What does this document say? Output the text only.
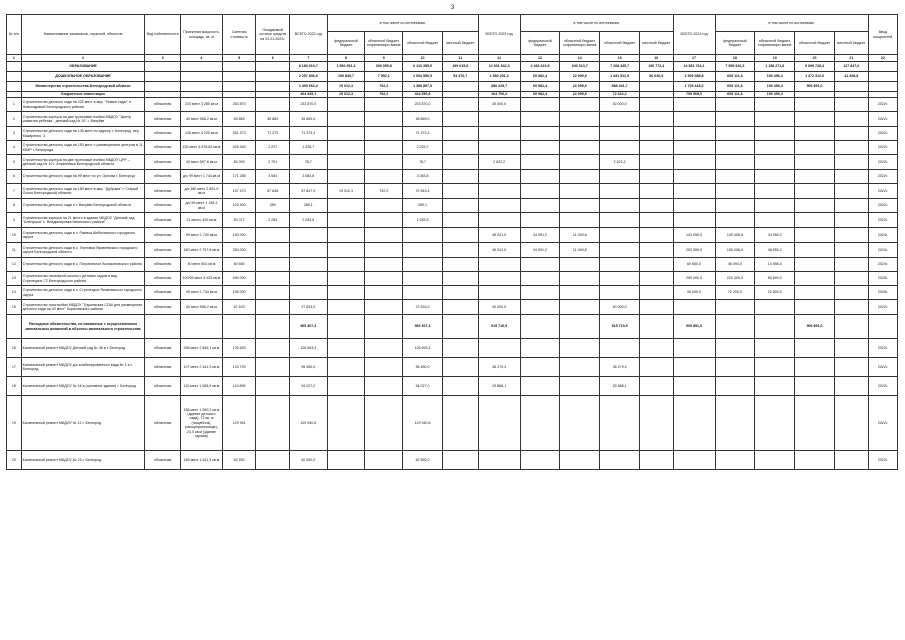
3
№ п/п	Наименование заказчиков, отраслей, объектов	Вид собственности	Проектная мощность, площадь, кв. м	Сметная стоимость	Ожидаемый остаток средств на 01.01.2022г.	ВСЕГО 2022 год	в том числе по источникам:				ВСЕГО 2023 год	в том числе по источникам:				ВСЕГО 2024 год	в том числе по источникам:				Ввод мощностей
							федеральный бюджет	областной бюджет, софинансиро-вание	областной бюджет	местный бюджет		федеральный бюджет	областной бюджет, софинансиро-вание	областной бюджет	местный бюджет		федеральный бюджет	областной бюджет, софинансиро-вание	областной бюджет	местный бюджет	
1	2	3	4	5	6	7	8	9	10	11	12	13	14	15	16	17	18	19	20	21	22
	ОБРАЗОВАНИЕ					8 180 010,7	1 560 991,3	309 055,8	6 110 355,9	199 615,8	10 301 542,3	2 266 610,5	630 013,7	7 208 345,7	196 772,4	14 581 764,1	7 595 916,3	1 158 271,8	5 699 728,4	127 847,6	
	ДОШКОЛЬНОЕ ОБРАЗОВАНИЕ					2 257 836,6	190 845,7	7 952,1	2 004 556,9	54 470,7	1 580 251,4	69 982,4	22 099,6	1 431 522,5	56 646,9	2 309 088,8	605 111,6	190 456,4	1 472 312,0	41 208,8	
	Министерство строительства Белгородской области					1 409 662,4	19 012,3	792,2	1 389 857,9		680 425,7	69 982,4	22 099,6	588 341,7		1 703 418,0	605 111,6	190 456,4	909 851,0		
	Бюджетные инвестиции					404 335,1	19 012,3	792,2	424 550,6		164 706,2	69 982,4	22 099,6	72 622,2		795 568,0	605 111,6	190 456,4			
1	Строительство детского сада на 220 мест в мкр. "Новые сады" п. Новосадовый Белгородского района	областная	220 мест 3 280 кв.м	263 870		233 870,0			233 870,0		30 000,0			30 000,0							2022г.
2	Строительство корпуса на две групповые ячейки МБДОУ "Центр развития ребенка - детский сад № 10" г. Валуйки	областная	40 мест 556,2 кв.м	55 869	45 869	45 869,0			45 869,0												2022г.
3	Строительство детского сада на 145 мест по адресу: г. Белгород, пер. Макаренко, 3	областная	145 мест 4 200 кв.м	351 373	71 373	71 373,4			71 373,4												2022г.
4	Строительство детского сада на 150 мест с размещением центром в 11 ЮМР г. Белгорода	областная	150 мест 5 678,83 кв.м	425 345	2 227	2 226,7			2 226,7												2022г.
5	Строительство корпуса на две групповые ячейки МБДОУ ЦРР – детский сад № 10 г. Алексеевка Белгородской области	областная	40 мест 597,6 кв.м	65 093	2 701	78,7			78,7		2 622,2			2 622,2							2022г.
6	Строительство детского сада на 99 мест по ул. Орлова г. Белгород	областная	д/с 99 мест 1 744 кв.м	171 285	3 084	3 083,8			3 083,8												2022г.
7	Строительство детского сада на 180 мест в мкр. "Дубрава" г. Старый Оскол Белгородской области	областная	д/с 180 мест 2 891,9 кв.м	157 473	57 648	57 647,9	19 012,3	792,2	37 843,4												2022г.
8	Строительство детского сада п.г. Валуйки Белгородской области	областная	д/с 99 мест 1 158,3 кв.м	109 400	289	289,1			289,1												2022г.
9	Строительство корпуса на 21 место в здании МБДОУ "Детский сад "Аленушка" с. Владимировка Ивнянского района"	областная	21 место 492 кв.м	50 077	2 284	2 283,5			2 283,5												2022г.
10	Строительство детского сада в с. Ржевка Шебекинского городского округа	областная	99 мест 1 740 кв.м	190 000							46 041,0	34 991,2	11 049,8			143 959,0	109 408,8	34 550,2			2024г.
11	Строительство детского сада в с. Терновка Яковлевского городского округа Белгородской области	областная	180 мест 2 797,8 кв.м	250 000							46 041,0	34 991,2	11 049,8			203 959,0	155 008,0	48 950,2			2024г.
12	Строительство детского сада в с. Пограничное Волоконовского района	областная	40 мест 603 кв.м	60 650												60 650,0	46 094,0	14 556,0			2024г.
13	Строительство начальной школы с детским садом в мкр. Стрелецкое-72 Белгородского района	областная	100/99 мест 4 525 кв.м	490 000												290 000,0	220 400,0	69 600,0			2025г.
14	Строительство детского сада в с. Стрелецкое Яковлевского городского округа	областная	99 мест 1 744 кв.м	195 000												95 000,0	72 200,0	22 800,0			2025г.
15	Строительство пристройки МБДОУ "Грушевская СОШ для размещения детского сада на 40 мест" Борисовского района	областная	40 мест 556,2 кв.м	67 633		27 633,0			27 633,0		40 000,0			40 000,0							2022г.
	Расходные обязательства, не связанные с осуществлением капитальных вложений в объекты капитального строительства					965 307,3			965 307,3		515 719,5			515 719,5		909 851,0			909 851,0		
16	Капитальный ремонт МБДОУ Детский сад № 48 в г. Белгород	областная	258 мест 2 845,1 кв.м	126 693		126 693,4			126 693,4												2022г.
17	Капитальный ремонт МБДОУ д/с комбинированного вида № 1 в г. Белгород	областная	107 мест 2 441,9 кв.м	133 729		95 450,0			95 450,0		38 279,4			38 279,4							2022г.
18	Капитальный ремонт МБДОУ № 16 в (основное здание) г. Белгород	областная	110 мест 1 085,9 кв.м	119 895		94 027,0			94 027,0		25 868,1			25 868,1							2022г.
19	Капитальный ремонт МБДОУ № 12 г. Белгород	областная	158 мест 1 990,2 кв.м (здание детского сада), 72 кв. м (пищеблок), (овощехранилище), 24,5 кв.м (здание гаража)	129 941		129 940,6			129 940,6												2022г.
20	Капитальный ремонт МБДОУ № 23 г. Белгород	областная	165 мест 1 811,3 кв.м	62 550		62 550,0			62 550,0												2022г.
